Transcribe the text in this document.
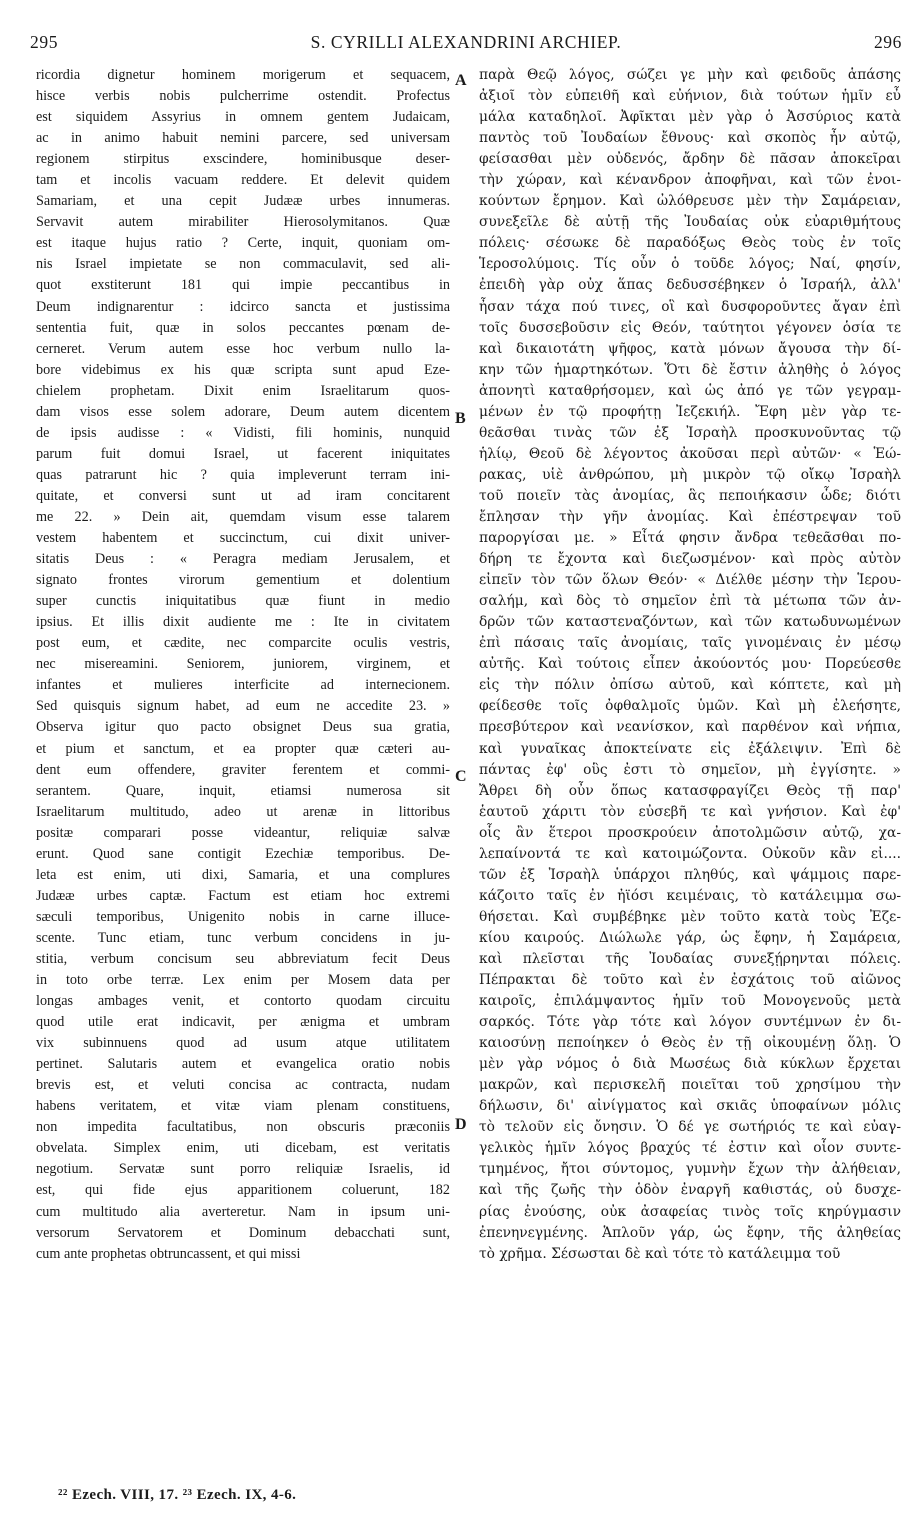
295	S. CYRILLI ALEXANDRINI ARCHIEP.	296
ricordia dignetur hominem morigerum et sequacem,
hisce verbis nobis pulcherrime ostendit. Profectus
est siquidem Assyrius in omnem gentem Judaicam,
ac in animo habuit nemini parcere, sed universam
regionem stirpitus exscindere, hominibusque deser-
tam et incolis vacuam reddere. Et delevit quidem
Samariam, et una cepit Judææ urbes innumeras.
Servavit autem mirabiliter Hierosolymitanos. Quæ
est itaque hujus ratio ? Certe, inquit, quoniam om-
nis Israel impietate se non commaculavit, sed ali-
quot exstiterunt 181 qui impie peccantibus in
Deum indignarentur : idcirco sancta et justissima
sententia fuit, quæ in solos peccantes pœnam de-
cerneret. Verum autem esse hoc verbum nullo la-
bore videbimus ex his quæ scripta sunt apud Eze-
chielem prophetam. Dixit enim Israelitarum quos-
dam visos esse solem adorare, Deum autem dicentem
de ipsis audisse : « Vidisti, fili hominis, nunquid
parum fuit domui Israel, ut facerent iniquitates
quas patrarunt hic ? quia impleverunt terram ini-
quitate, et conversi sunt ut ad iram concitarent
me 22. » Dein ait, quemdam visum esse talarem
vestem habentem et succinctum, cui dixit univer-
sitatis Deus : « Peragra mediam Jerusalem, et
signato frontes virorum gementium et dolentium
super cunctis iniquitatibus quæ fiunt in medio
ipsius. Et illis dixit audiente me : Ite in civitatem
post eum, et cædite, nec comparcite oculis vestris,
nec misereamini. Seniorem, juniorem, virginem, et
infantes et mulieres interficite ad internecionem.
Sed quisquis signum habet, ad eum ne accedite 23. »
Observa igitur quo pacto obsignet Deus sua gratia,
et pium et sanctum, et ea propter quæ cæteri au-
dent eum offendere, graviter ferentem et commi-
serantem. Quare, inquit, etiamsi numerosa sit
Israelitarum multitudo, adeo ut arenæ in littoribus
positæ comparari posse videantur, reliquiæ salvæ
erunt. Quod sane contigit Ezechiæ temporibus. De-
leta est enim, uti dixi, Samaria, et una complures
Judææ urbes captæ. Factum est etiam hoc extremi
sæculi temporibus, Unigenito nobis in carne illuce-
scente. Tunc etiam, tunc verbum concidens in ju-
stitia, verbum concisum seu abbreviatum fecit Deus
in toto orbe terræ. Lex enim per Mosem data per
longas ambages venit, et contorto quodam circuitu
quod utile erat indicavit, per ænigma et umbram
vix subinnuens quod ad usum atque utilitatem
pertinet. Salutaris autem et evangelica oratio nobis
brevis est, et veluti concisa ac contracta, nudam
habens veritatem, et vitæ viam plenam constituens,
non impedita facultatibus, non obscuris præconiis
obvelata. Simplex enim, uti dicebam, est veritatis
negotium. Servatæ sunt porro reliquiæ Israelis, id
est, qui fide ejus apparitionem coluerunt, 182
cum multitudo alia averteretur. Nam in ipsum uni-
versorum Servatorem et Dominum debacchati sunt,
cum ante prophetas obtruncassent, et qui missi
παρὰ Θεῷ λόγος, σώζει γε μὴν καὶ φειδοῦς ἁπάσης
ἀξιοῖ τὸν εὐπειθῆ καὶ εὐήνιον, διὰ τούτων ἡμῖν εὖ
μάλα καταδηλοῖ. Ἀφῖκται μὲν γὰρ ὁ Ἀσσύριος κατὰ
παντὸς τοῦ Ἰουδαίων ἔθνους· καὶ σκοπὸς ἦν αὐτῷ,
φείσασθαι μὲν οὐδενός, ἄρδην δὲ πᾶσαν ἀποκεῖραι
τὴν χώραν, καὶ κένανδρον ἀποφῆναι, καὶ τῶν ἐνοι-
κούντων ἔρημον. Καὶ ὠλόθρευσε μὲν τὴν Σαμάρειαν,
συνεξεῖλε δὲ αὐτῇ τῆς Ἰουδαίας οὐκ εὐαριθμήτους
πόλεις· σέσωκε δὲ παραδόξως Θεὸς τοὺς ἐν τοῖς
Ἱεροσολύμοις. Τίς οὖν ὁ τοῦδε λόγος; Ναί, φησίν,
ἐπειδὴ γὰρ οὐχ ἅπας δεδυσσέβηκεν ὁ Ἰσραήλ, ἀλλ'
ἦσαν τάχα πού τινες, οἳ καὶ δυσφοροῦντες ἄγαν ἐπὶ
τοῖς δυσσεβοῦσιν εἰς Θεόν, ταύτητοι γέγονεν ὁσία τε
καὶ δικαιοτάτη ψῆφος, κατὰ μόνων ἄγουσα τὴν δί-
κην τῶν ἡμαρτηκότων. Ὅτι δὲ ἔστιν ἀληθὴς ὁ λόγος
ἀπονητὶ καταθρήσομεν, καὶ ὡς ἀπό γε τῶν γεγραμ-
μένων ἐν τῷ προφήτῃ Ἰεζεκιήλ. Ἔφη μὲν γὰρ τε-
θεᾶσθαι τινὰς τῶν ἐξ Ἰσραὴλ προσκυνοῦντας τῷ
ἡλίῳ, Θεοῦ δὲ λέγοντος ἀκοῦσαι περὶ αὐτῶν· « Ἑώ-
ρακας, υἱὲ ἀνθρώπου, μὴ μικρὸν τῷ οἴκῳ Ἰσραὴλ
τοῦ ποιεῖν τὰς ἀνομίας, ἃς πεποιήκασιν ὧδε; διότι
ἔπλησαν τὴν γῆν ἀνομίας. Καὶ ἐπέστρεψαν τοῦ
παροργίσαι με. » Εἶτά φησιν ἄνδρα τεθεᾶσθαι πο-
δήρη τε ἔχοντα καὶ διεζωσμένον· καὶ πρὸς αὐτὸν
εἰπεῖν τὸν τῶν ὅλων Θεόν· « Διέλθε μέσην τὴν Ἱερου-
σαλήμ, καὶ δὸς τὸ σημεῖον ἐπὶ τὰ μέτωπα τῶν ἀν-
δρῶν τῶν καταστεναζόντων, καὶ τῶν κατωδυνωμένων
ἐπὶ πάσαις ταῖς ἀνομίαις, ταῖς γινομέναις ἐν μέσῳ
αὐτῆς. Καὶ τούτοις εἶπεν ἀκούοντός μου· Πορεύεσθε
εἰς τὴν πόλιν ὀπίσω αὐτοῦ, καὶ κόπτετε, καὶ μὴ
φείδεσθε τοῖς ὀφθαλμοῖς ὑμῶν. Καὶ μὴ ἐλεήσητε,
πρεσβύτερον καὶ νεανίσκον, καὶ παρθένον καὶ νήπια,
καὶ γυναῖκας ἀποκτείνατε εἰς ἐξάλειψιν. Ἐπὶ δὲ
πάντας ἐφ' οὓς ἐστι τὸ σημεῖον, μὴ ἐγγίσητε. »
Ἄθρει δὴ οὖν ὅπως κατασφραγίζει Θεὸς τῇ παρ'
ἑαυτοῦ χάριτι τὸν εὐσεβῆ τε καὶ γνήσιον. Καὶ ἐφ'
οἷς ἂν ἕτεροι προσκρούειν ἀποτολμῶσιν αὐτῷ, χα-
λεπαίνοντά τε καὶ κατοιμώζοντα. Οὐκοῦν κἂν εἰ....
τῶν ἐξ Ἰσραὴλ ὑπάρχοι πληθύς, καὶ ψάμμοις παρε-
κάζοιτο ταῖς ἐν ἠϊόσι κειμέναις, τὸ κατάλειμμα σω-
θήσεται. Καὶ συμβέβηκε μὲν τοῦτο κατὰ τοὺς Ἐζε-
κίου καιρούς. Διώλωλε γάρ, ὡς ἔφην, ἡ Σαμάρεια,
καὶ πλεῖσται τῆς Ἰουδαίας συνεξῄρηνται πόλεις.
Πέπρακται δὲ τοῦτο καὶ ἐν ἐσχάτοις τοῦ αἰῶνος
καιροῖς, ἐπιλάμψαντος ἡμῖν τοῦ Μονογενοῦς μετὰ
σαρκός. Τότε γὰρ τότε καὶ λόγον συντέμνων ἐν δι-
καιοσύνῃ πεποίηκεν ὁ Θεὸς ἐν τῇ οἰκουμένῃ ὅλῃ. Ὁ
μὲν γὰρ νόμος ὁ διὰ Μωσέως διὰ κύκλων ἔρχεται
μακρῶν, καὶ περισκελῆ ποιεῖται τοῦ χρησίμου τὴν
δήλωσιν, δι' αἰνίγματος καὶ σκιᾶς ὑποφαίνων μόλις
τὸ τελοῦν εἰς ὄνησιν. Ὁ δέ γε σωτήριός τε καὶ εὐαγ-
γελικὸς ἡμῖν λόγος βραχύς τέ ἐστιν καὶ οἷον συντε-
τμημένος, ἤτοι σύντομος, γυμνὴν ἔχων τὴν ἀλήθειαν,
καὶ τῆς ζωῆς τὴν ὁδὸν ἐναργῆ καθιστάς, οὐ δυσχε-
ρίας ἐνούσης, οὐκ ἀσαφείας τινὸς τοῖς κηρύγμασιν
ἐπενηνεγμένης. Ἁπλοῦν γάρ, ὡς ἔφην, τῆς ἀληθείας
τὸ χρῆμα. Σέσωσται δὲ καὶ τότε τὸ κατάλειμμα τοῦ
A
B
C
D
²² Ezech. VIII, 17. ²³ Ezech. IX, 4-6.
